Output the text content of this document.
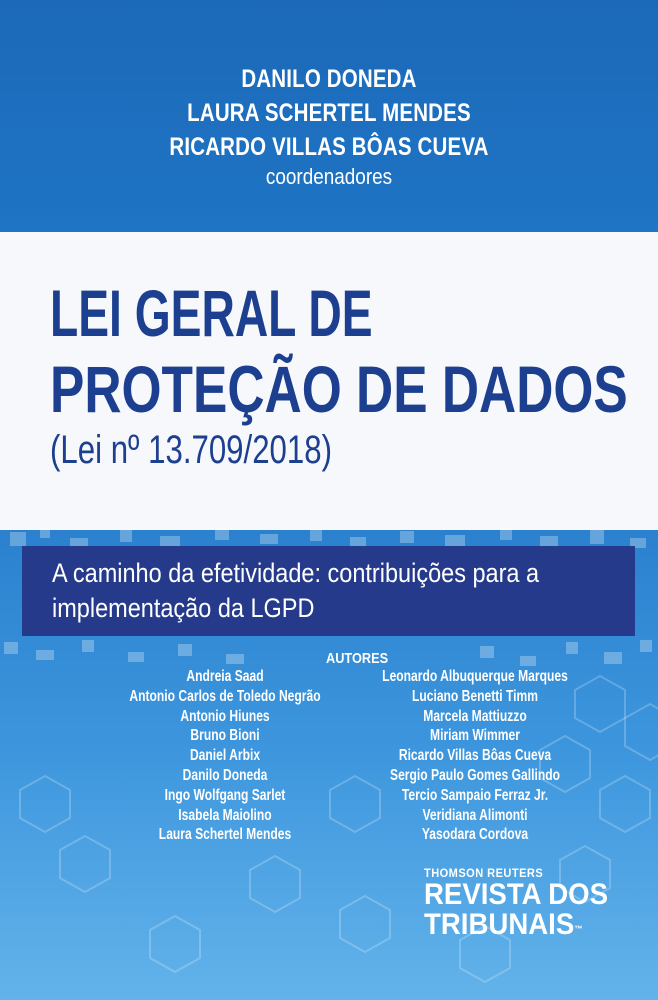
DANILO DONEDA
LAURA SCHERTEL MENDES
RICARDO VILLAS BÔAS CUEVA
coordenadores
LEI GERAL DE
PROTEÇÃO DE DADOS
(Lei nº 13.709/2018)
A caminho da efetividade: contribuições para a
implementação da LGPD
AUTORES
Andreia Saad
Antonio Carlos de Toledo Negrão
Antonio Hiunes
Bruno Bioni
Daniel Arbix
Danilo Doneda
Ingo Wolfgang Sarlet
Isabela Maiolino
Laura Schertel Mendes
Leonardo Albuquerque Marques
Luciano Benetti Timm
Marcela Mattiuzzo
Miriam Wimmer
Ricardo Villas Bôas Cueva
Sergio Paulo Gomes Gallindo
Tercio Sampaio Ferraz Jr.
Veridiana Alimonti
Yasodara Cordova
THOMSON REUTERS
REVISTA DOS
TRIBUNAIS™
